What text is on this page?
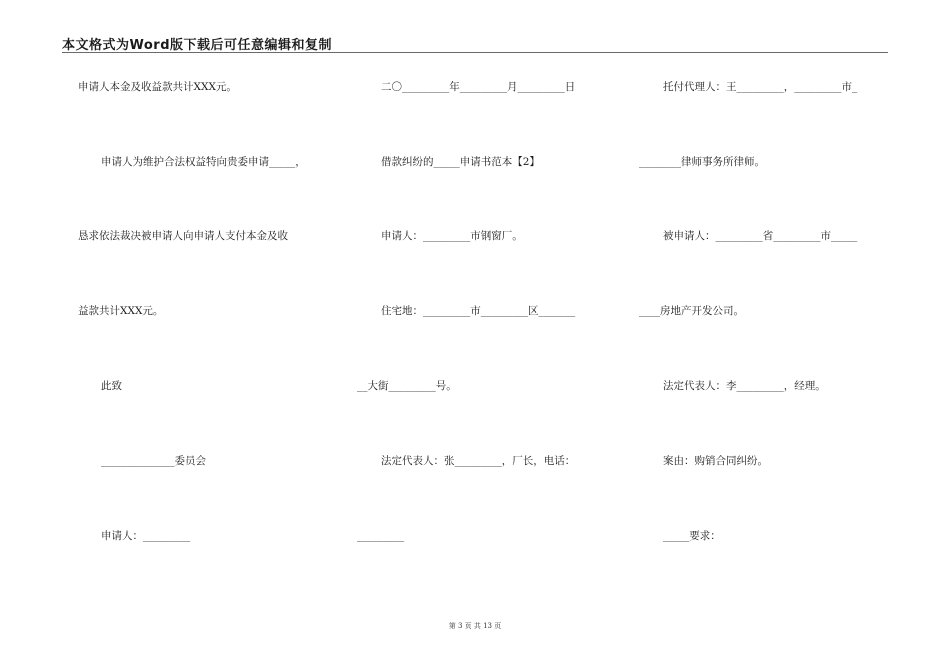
本文格式为Word版下载后可任意编辑和复制
申请人本金及收益款共计XXX元。
申请人为维护合法权益特向贵委申请_____，
恳求依法裁决被申请人向申请人支付本金及收
益款共计XXX元。
此致
______________委员会
申请人：_________
二〇_________年_________月_________日
借款纠纷的_____申请书范本【2】
申请人：_________市钢窗厂。
住宅地：_________市_________区_______
__大街_________号。
法定代表人：张_________，厂长，电话：
_________
托付代理人：王_________，_________市_
________律师事务所律师。
被申请人：_________省_________市_____
____房地产开发公司。
法定代表人：李_________，经理。
案由：购销合同纠纷。
_____要求：
第 3 页 共 13 页
